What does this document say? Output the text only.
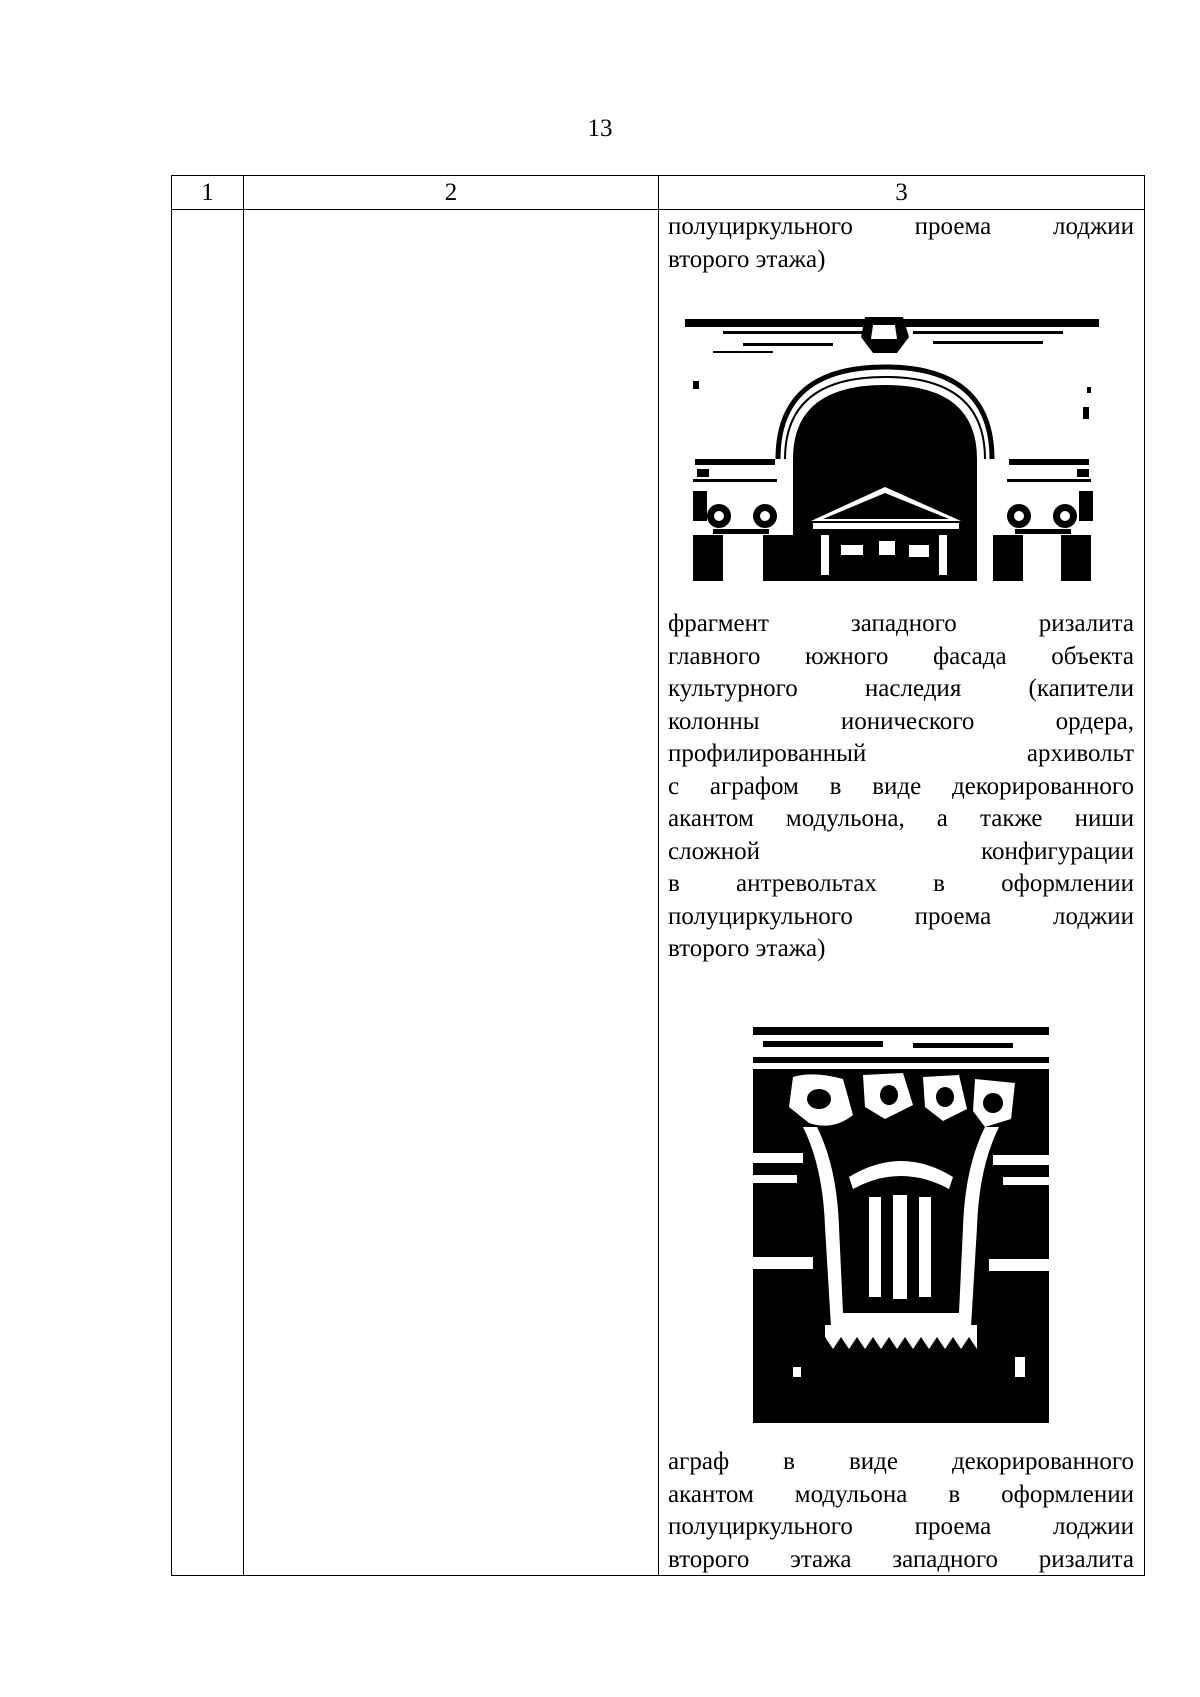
13
1	2	3
полуциркульного проема лоджии
второго этажа)
фрагмент западного ризалита
главного южного фасада объекта
культурного наследия (капители
колонны ионического ордера,
профилированный архивольт
с аграфом в виде декорированного
акантом модульона, а также ниши
сложной конфигурации
в антревольтах в оформлении
полуциркульного проема лоджии
второго этажа)
аграф в виде декорированного
акантом модульона в оформлении
полуциркульного проема лоджии
второго этажа западного ризалита
